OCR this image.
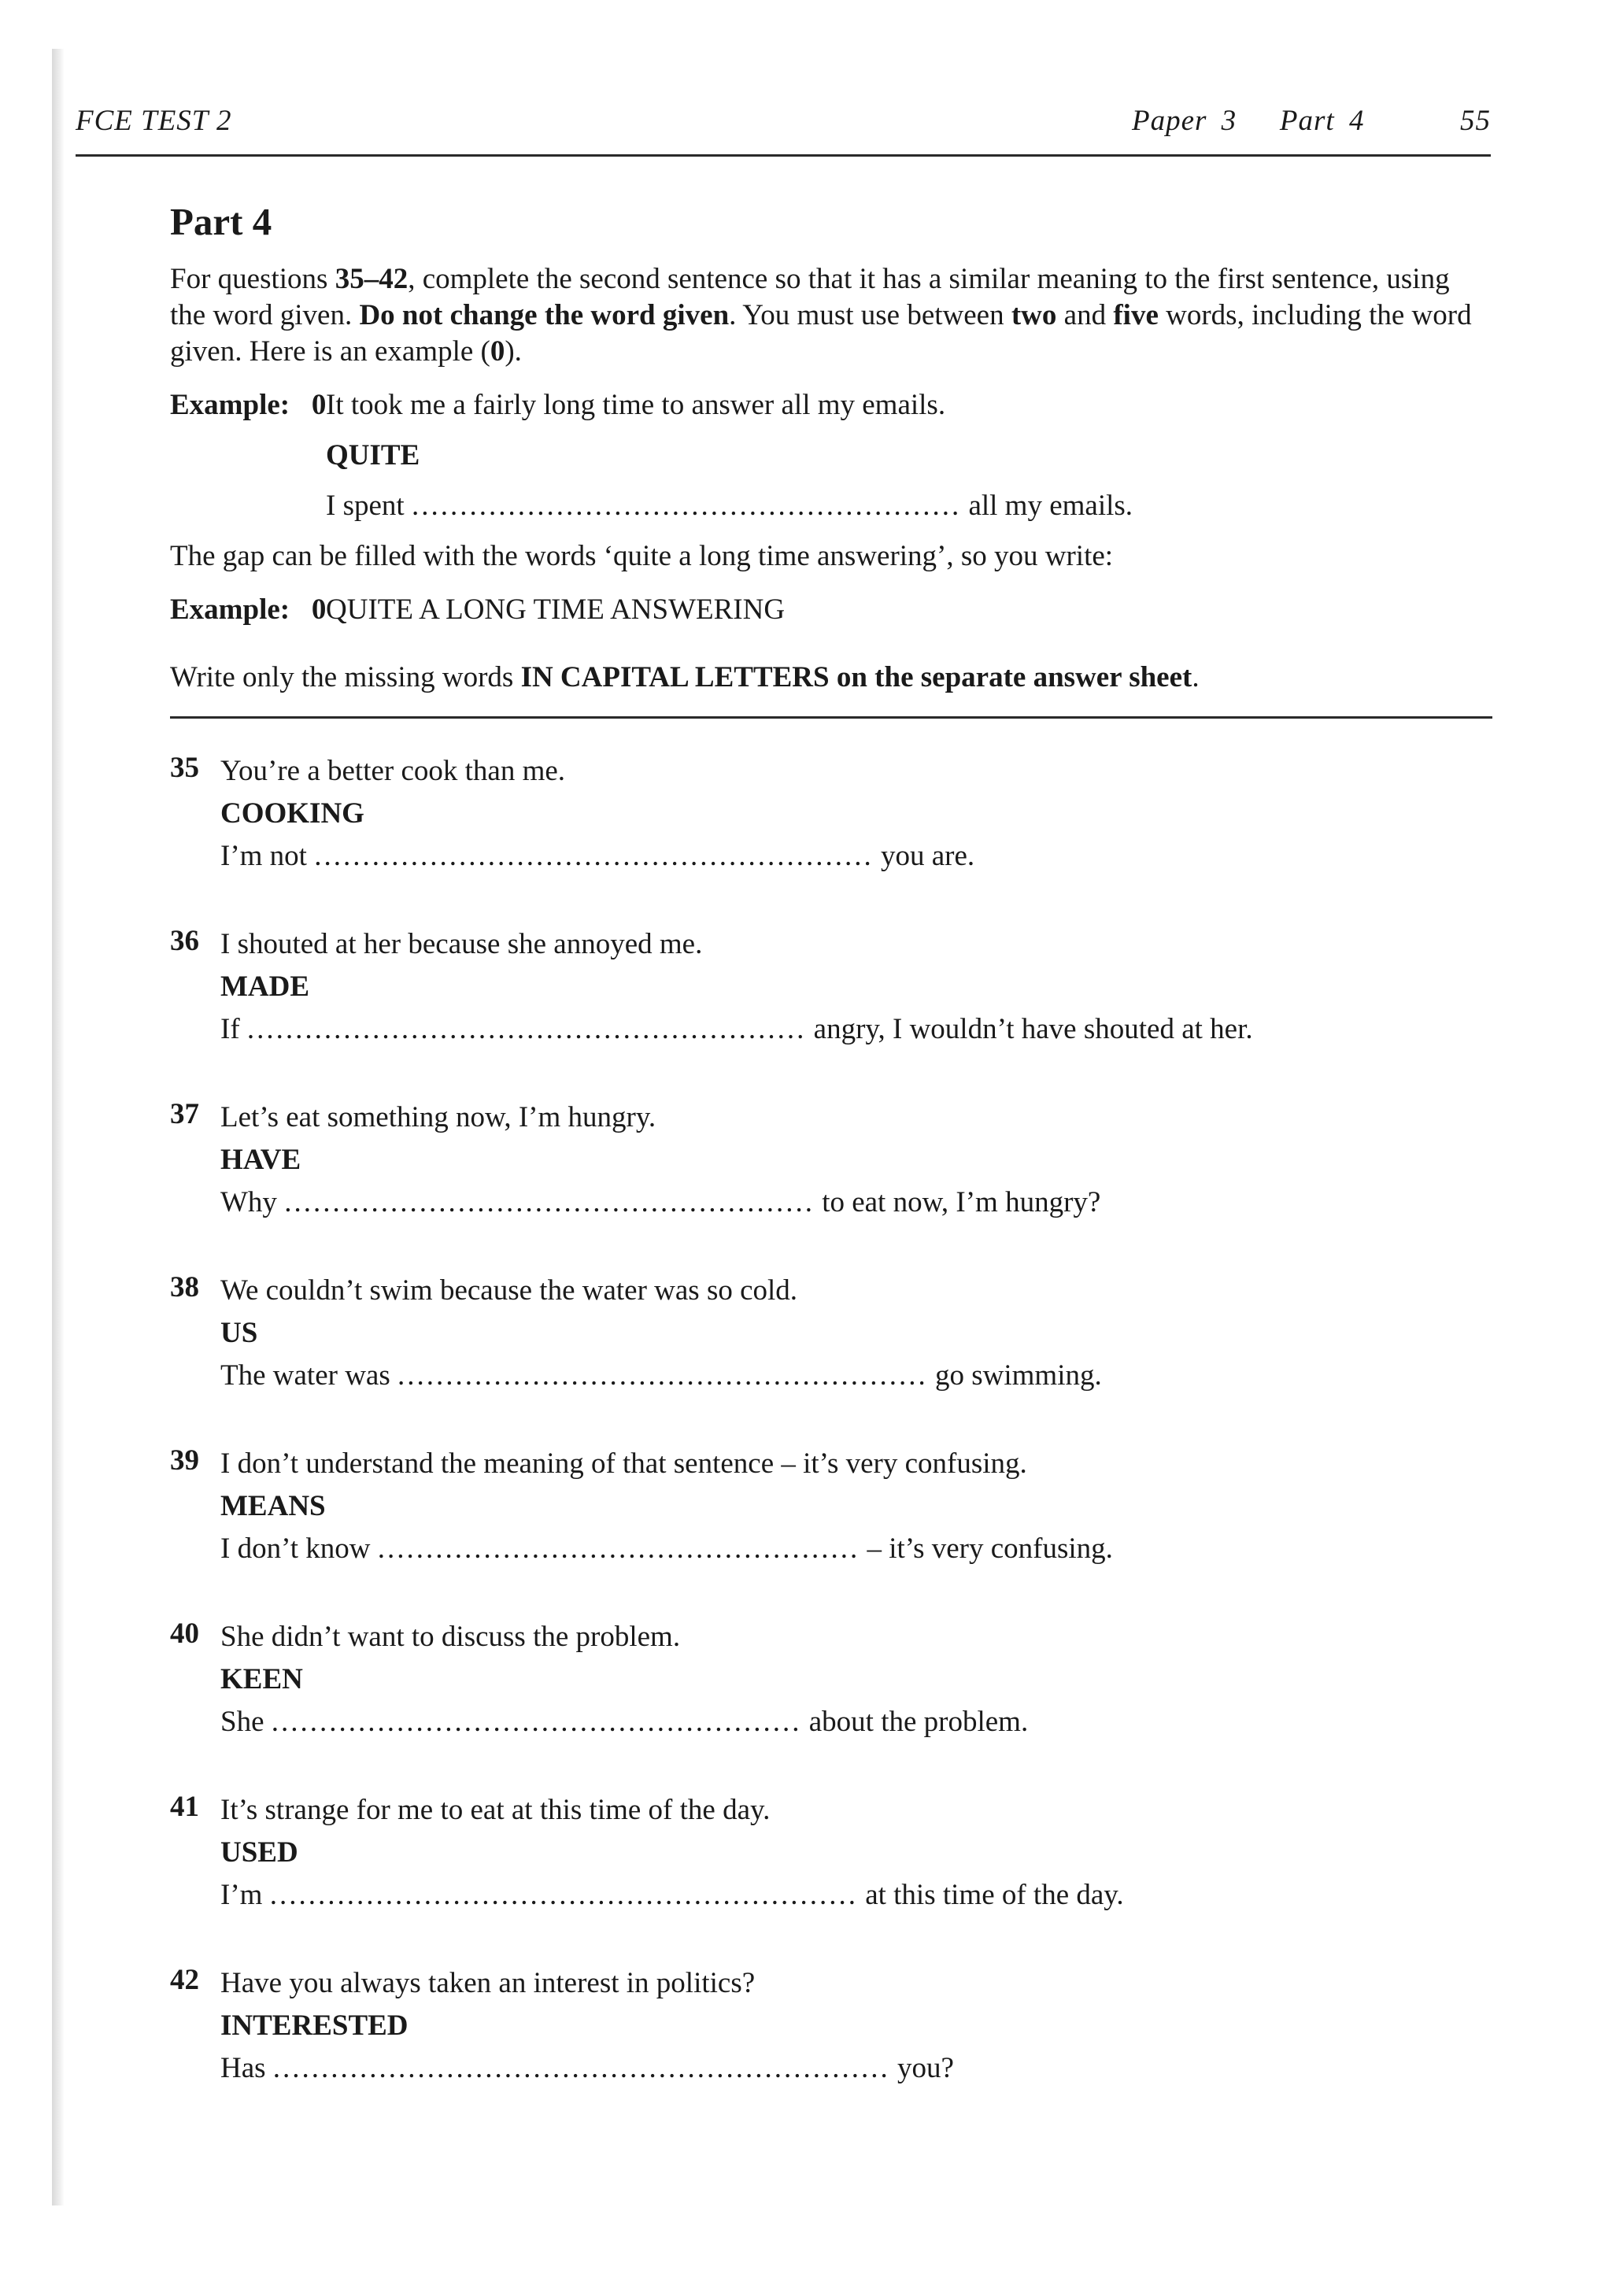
FCE TEST 2	Paper 3   Part 4	55
Part 4

For questions 35–42, complete the second sentence so that it has a similar meaning to the first sentence, using the word given. Do not change the word given. You must use between two and five words, including the word given. Here is an example (0).

Example: 0 It took me a fairly long time to answer all my emails.
QUITE
I spent ......................................................... all my emails.

The gap can be filled with the words ‘quite a long time answering’, so you write:

Example: 0 QUITE A LONG TIME ANSWERING

Write only the missing words IN CAPITAL LETTERS on the separate answer sheet.

35 You’re a better cook than me.
COOKING
I’m not .......................................................... you are.
36 I shouted at her because she annoyed me.
MADE
If .......................................................... angry, I wouldn’t have shouted at her.
37 Let’s eat something now, I’m hungry.
HAVE
Why ....................................................... to eat now, I’m hungry?
38 We couldn’t swim because the water was so cold.
US
The water was ....................................................... go swimming.
39 I don’t understand the meaning of that sentence – it’s very confusing.
MEANS
I don’t know .................................................. – it’s very confusing.
40 She didn’t want to discuss the problem.
KEEN
She ....................................................... about the problem.
41 It’s strange for me to eat at this time of the day.
USED
I’m ............................................................. at this time of the day.
42 Have you always taken an interest in politics?
INTERESTED
Has ................................................................ you?
